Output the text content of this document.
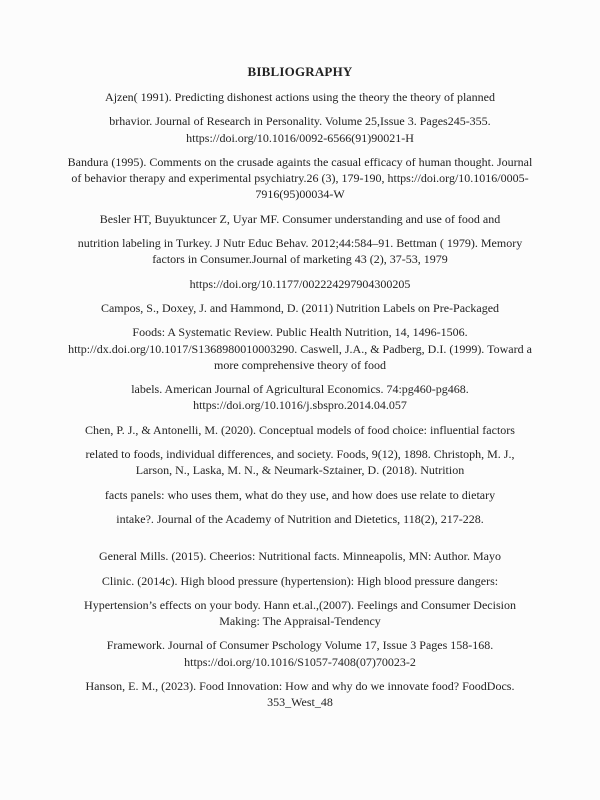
BIBLIOGRAPHY

Ajzen( 1991). Predicting dishonest actions using the theory the theory of planned

brhavior. Journal of Research in Personality. Volume 25,Issue 3. Pages245-355.
https://doi.org/10.1016/0092-6566(91)90021-H

Bandura (1995). Comments on the crusade againts the casual efficacy of human thought. Journal
of behavior therapy and experimental psychiatry.26 (3), 179-190, https://doi.org/10.1016/0005-
7916(95)00034-W

Besler HT, Buyuktuncer Z, Uyar MF. Consumer understanding and use of food and

nutrition labeling in Turkey. J Nutr Educ Behav. 2012;44:584–91. Bettman ( 1979). Memory
factors in Consumer.Journal of marketing 43 (2), 37-53, 1979

https://doi.org/10.1177/002224297904300205

Campos, S., Doxey, J. and Hammond, D. (2011) Nutrition Labels on Pre-Packaged

Foods: A Systematic Review. Public Health Nutrition, 14, 1496-1506.
http://dx.doi.org/10.1017/S1368980010003290. Caswell, J.A., & Padberg, D.I. (1999). Toward a
more comprehensive theory of food

labels. American Journal of Agricultural Economics. 74:pg460-pg468.
https://doi.org/10.1016/j.sbspro.2014.04.057

Chen, P. J., & Antonelli, M. (2020). Conceptual models of food choice: influential factors

related to foods, individual differences, and society. Foods, 9(12), 1898. Christoph, M. J.,
Larson, N., Laska, M. N., & Neumark-Sztainer, D. (2018). Nutrition

facts panels: who uses them, what do they use, and how does use relate to dietary

intake?. Journal of the Academy of Nutrition and Dietetics, 118(2), 217-228.

General Mills. (2015). Cheerios: Nutritional facts. Minneapolis, MN: Author. Mayo

Clinic. (2014c). High blood pressure (hypertension): High blood pressure dangers:

Hypertension’s effects on your body. Hann et.al.,(2007). Feelings and Consumer Decision
Making: The Appraisal-Tendency

Framework. Journal of Consumer Pschology Volume 17, Issue 3 Pages 158-168.
https://doi.org/10.1016/S1057-7408(07)70023-2

Hanson, E. M., (2023). Food Innovation: How and why do we innovate food? FoodDocs.
353_West_48
